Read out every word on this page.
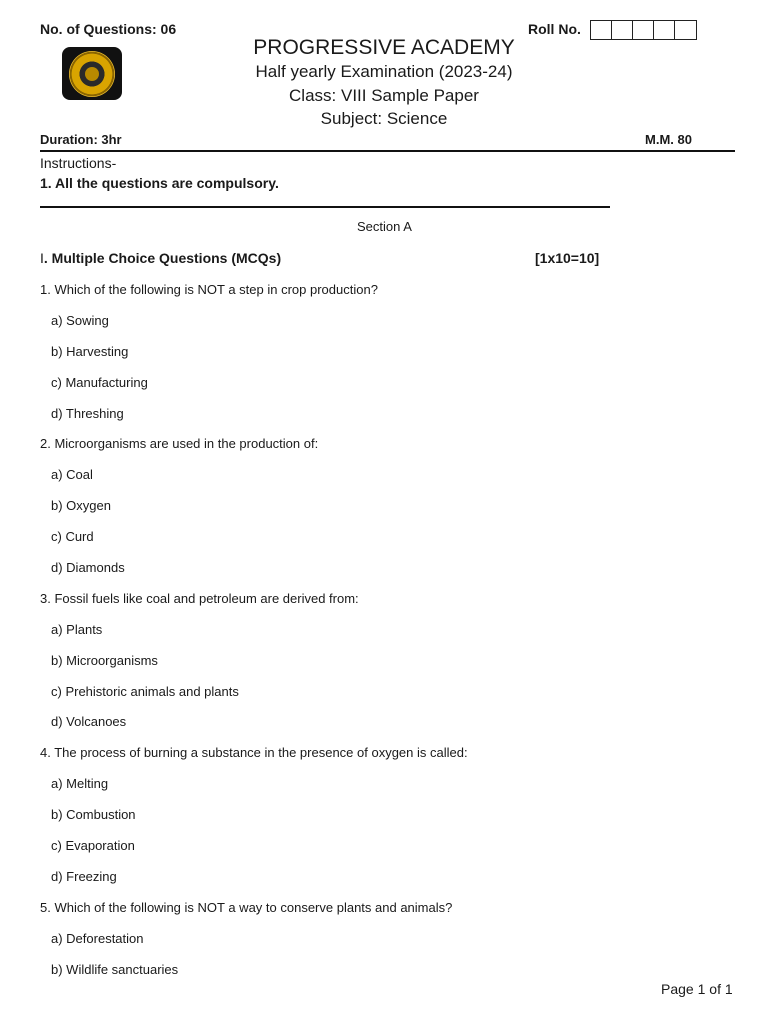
No. of Questions: 06	Roll No.
PROGRESSIVE ACADEMY
Half yearly Examination (2023-24)
Class: VIII Sample Paper
Subject: Science
Duration: 3hr	M.M. 80
Instructions-
1. All the questions are compulsory.
Section A
I. Multiple Choice Questions (MCQs)	[1x10=10]
1. Which of the following is NOT a step in crop production?
a) Sowing
b) Harvesting
c) Manufacturing
d) Threshing
2. Microorganisms are used in the production of:
a) Coal
b) Oxygen
c) Curd
d) Diamonds
3. Fossil fuels like coal and petroleum are derived from:
a) Plants
b) Microorganisms
c) Prehistoric animals and plants
d) Volcanoes
4. The process of burning a substance in the presence of oxygen is called:
a) Melting
b) Combustion
c) Evaporation
d) Freezing
5. Which of the following is NOT a way to conserve plants and animals?
a) Deforestation
b) Wildlife sanctuaries
Page 1 of 1
